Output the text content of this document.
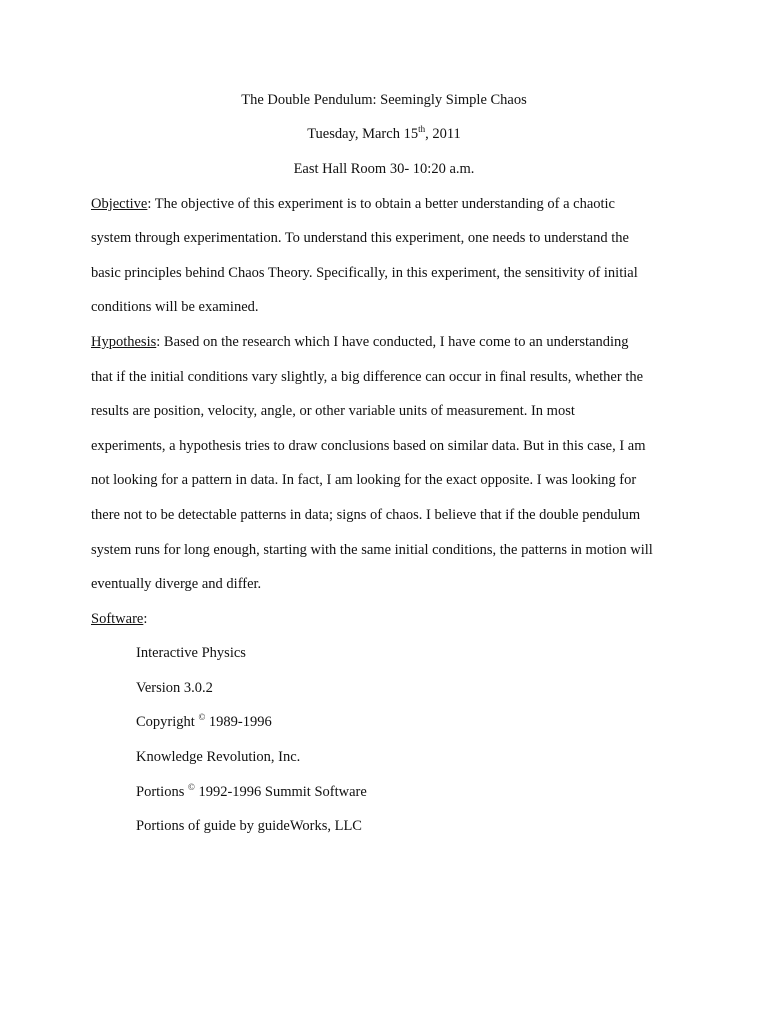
The Double Pendulum: Seemingly Simple Chaos
Tuesday, March 15th, 2011
East Hall Room 30- 10:20 a.m.
Objective: The objective of this experiment is to obtain a better understanding of a chaotic
system through experimentation. To understand this experiment, one needs to understand the
basic principles behind Chaos Theory. Specifically, in this experiment, the sensitivity of initial
conditions will be examined.
Hypothesis: Based on the research which I have conducted, I have come to an understanding
that if the initial conditions vary slightly, a big difference can occur in final results, whether the
results are position, velocity, angle, or other variable units of measurement. In most
experiments, a hypothesis tries to draw conclusions based on similar data. But in this case, I am
not looking for a pattern in data. In fact, I am looking for the exact opposite. I was looking for
there not to be detectable patterns in data; signs of chaos. I believe that if the double pendulum
system runs for long enough, starting with the same initial conditions, the patterns in motion will
eventually diverge and differ.
Software:
Interactive Physics
Version 3.0.2
Copyright © 1989-1996
Knowledge Revolution, Inc.
Portions © 1992-1996 Summit Software
Portions of guide by guideWorks, LLC
